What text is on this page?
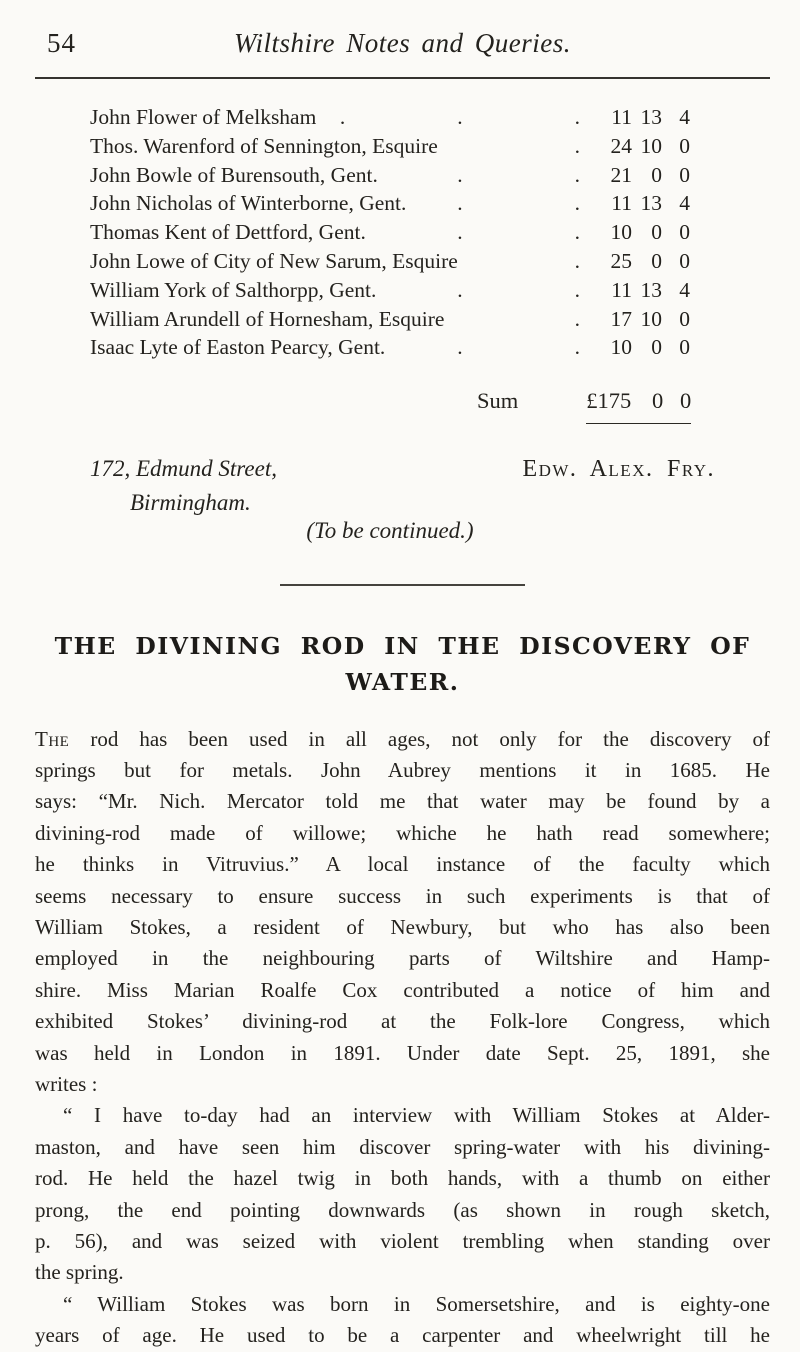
54	Wiltshire Notes and Queries.
John Flower of Melksham .	.	.	11 13 4
Thos. Warenford of Sennington, Esquire	.	24 10 0
John Bowle of Burensouth, Gent.	.	.	21 0 0
John Nicholas of Winterborne, Gent. .	.	11 13 4
Thomas Kent of Dettford, Gent.	.	.	10 0 0
John Lowe of City of New Sarum, Esquire	.	25 0 0
William York of Salthorpp, Gent.	.	.	11 13 4
William Arundell of Hornesham, Esquire	.	17 10 0
Isaac Lyte of Easton Pearcy, Gent.	.	.	10 0 0
Sum	£175 0 0
172, Edmund Street,
Birmingham.
Edw. Alex. Fry.
(To be continued.)
THE DIVINING ROD IN THE DISCOVERY OF
WATER.
The rod has been used in all ages, not only for the discovery of
springs but for metals. John Aubrey mentions it in 1685. He
says: “Mr. Nich. Mercator told me that water may be found by a
divining-rod made of willowe; whiche he hath read somewhere;
he thinks in Vitruvius.” A local instance of the faculty which
seems necessary to ensure success in such experiments is that of
William Stokes, a resident of Newbury, but who has also been
employed in the neighbouring parts of Wiltshire and Hamp-
shire. Miss Marian Roalfe Cox contributed a notice of him and
exhibited Stokes’ divining-rod at the Folk-lore Congress, which
was held in London in 1891. Under date Sept. 25, 1891, she
writes :
“ I have to-day had an interview with William Stokes at Alder-
maston, and have seen him discover spring-water with his divining-
rod. He held the hazel twig in both hands, with a thumb on either
prong, the end pointing downwards (as shown in rough sketch,
p. 56), and was seized with violent trembling when standing over
the spring.
“ William Stokes was born in Somersetshire, and is eighty-one
years of age. He used to be a carpenter and wheelwright till he
